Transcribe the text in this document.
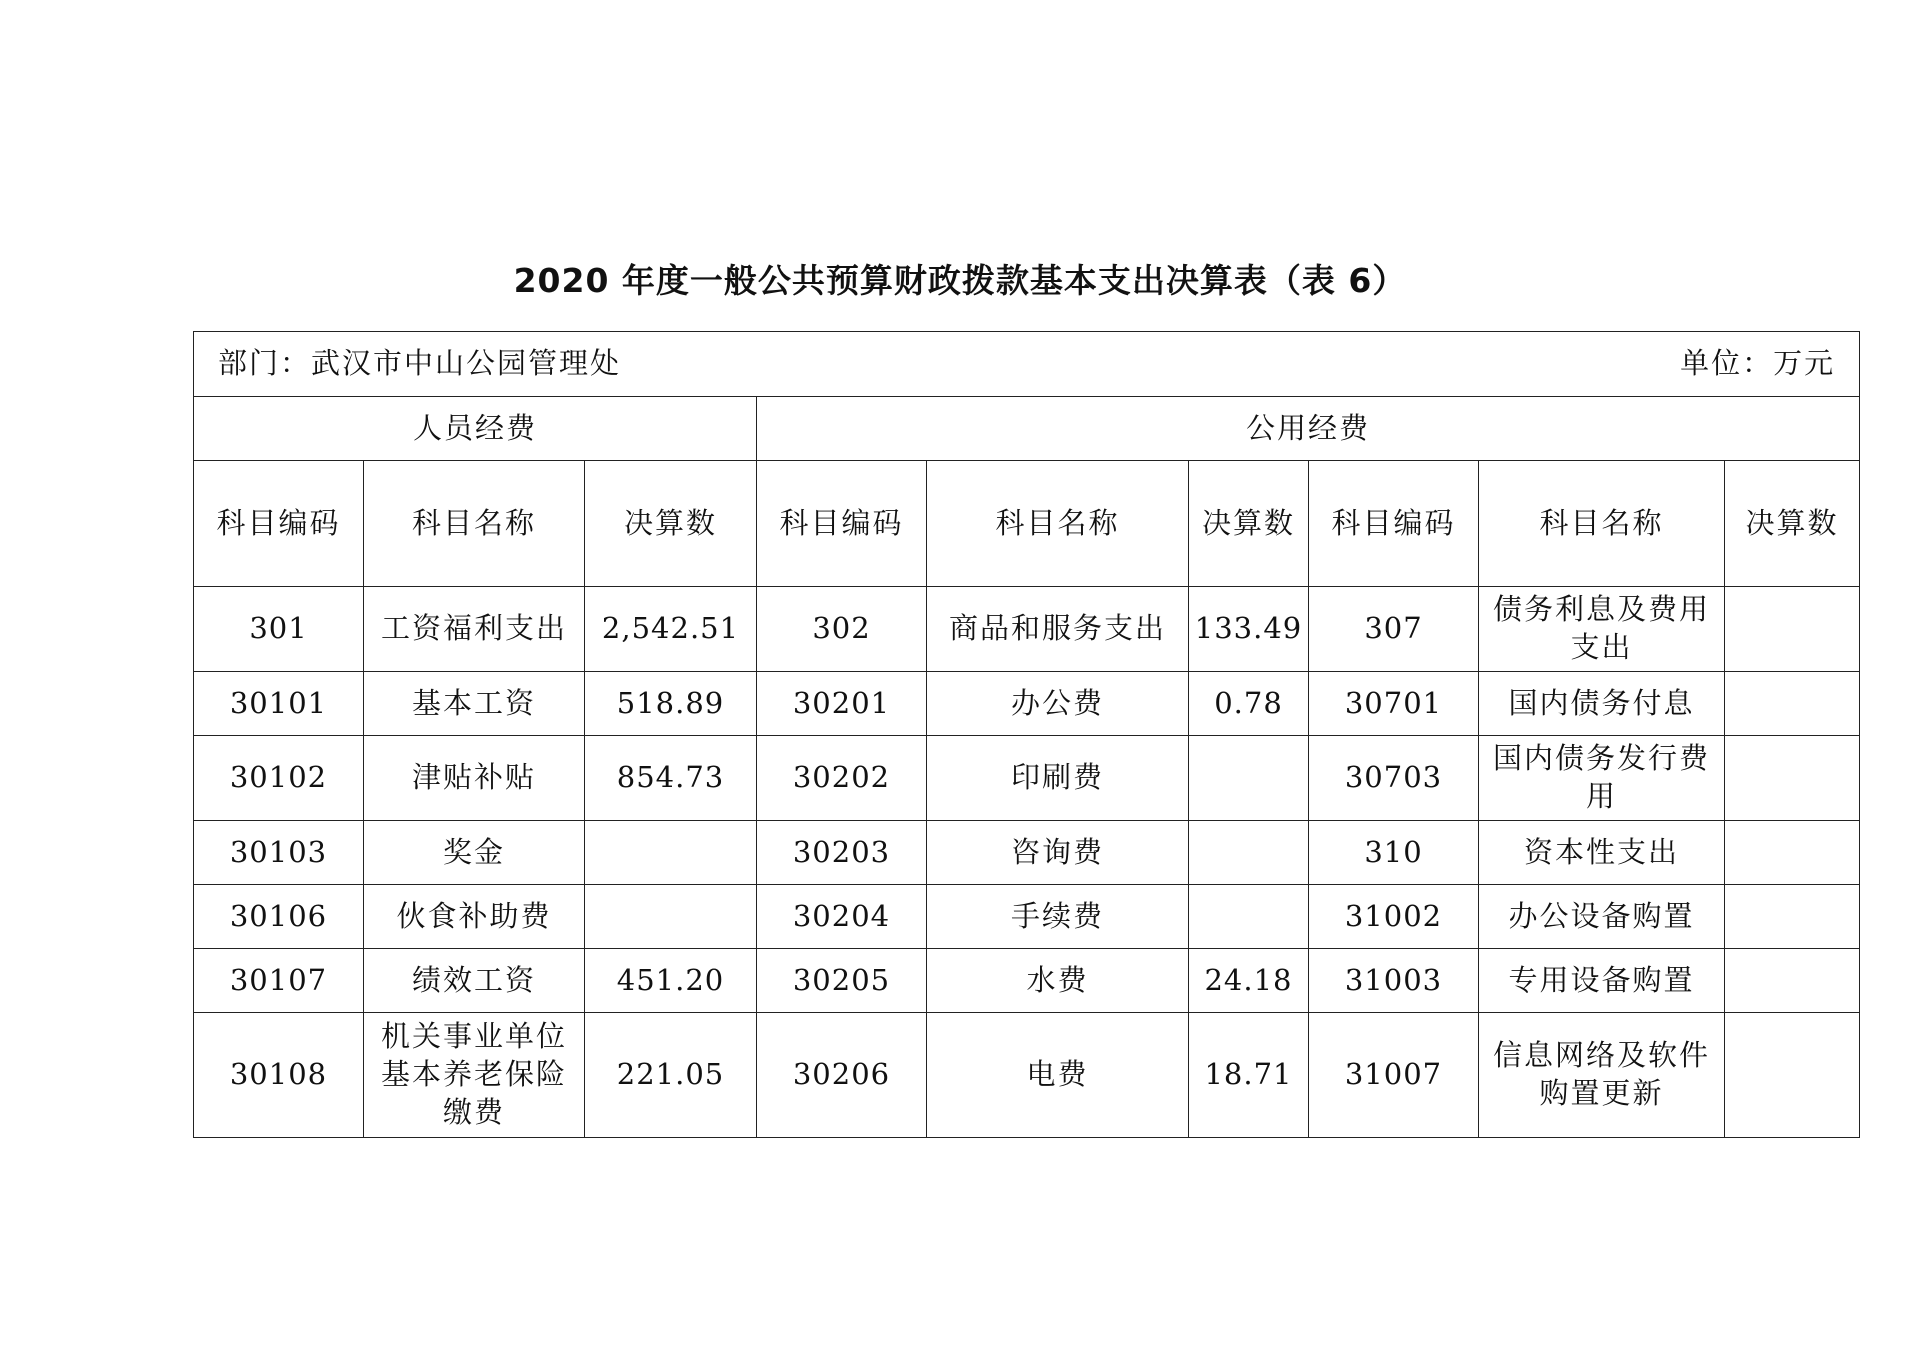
2020 年度一般公共预算财政拨款基本支出决算表（表 6）
部门：武汉市中山公园管理处 单位：万元								

人员经费			公用经费					
科目编码	科目名称	决算数	科目编码	科目名称	决算数	科目编码	科目名称	决算数
301	工资福利支出	2,542.51	302	商品和服务支出	133.49	307	债务利息及费用支出	
30101	基本工资	518.89	30201	办公费	0.78	30701	国内债务付息	
30102	津贴补贴	854.73	30202	印刷费		30703	国内债务发行费用	
30103	奖金		30203	咨询费		310	资本性支出	
30106	伙食补助费		30204	手续费		31002	办公设备购置	
30107	绩效工资	451.20	30205	水费	24.18	31003	专用设备购置	
30108	机关事业单位基本养老保险缴费	221.05	30206	电费	18.71	31007	信息网络及软件购置更新	
